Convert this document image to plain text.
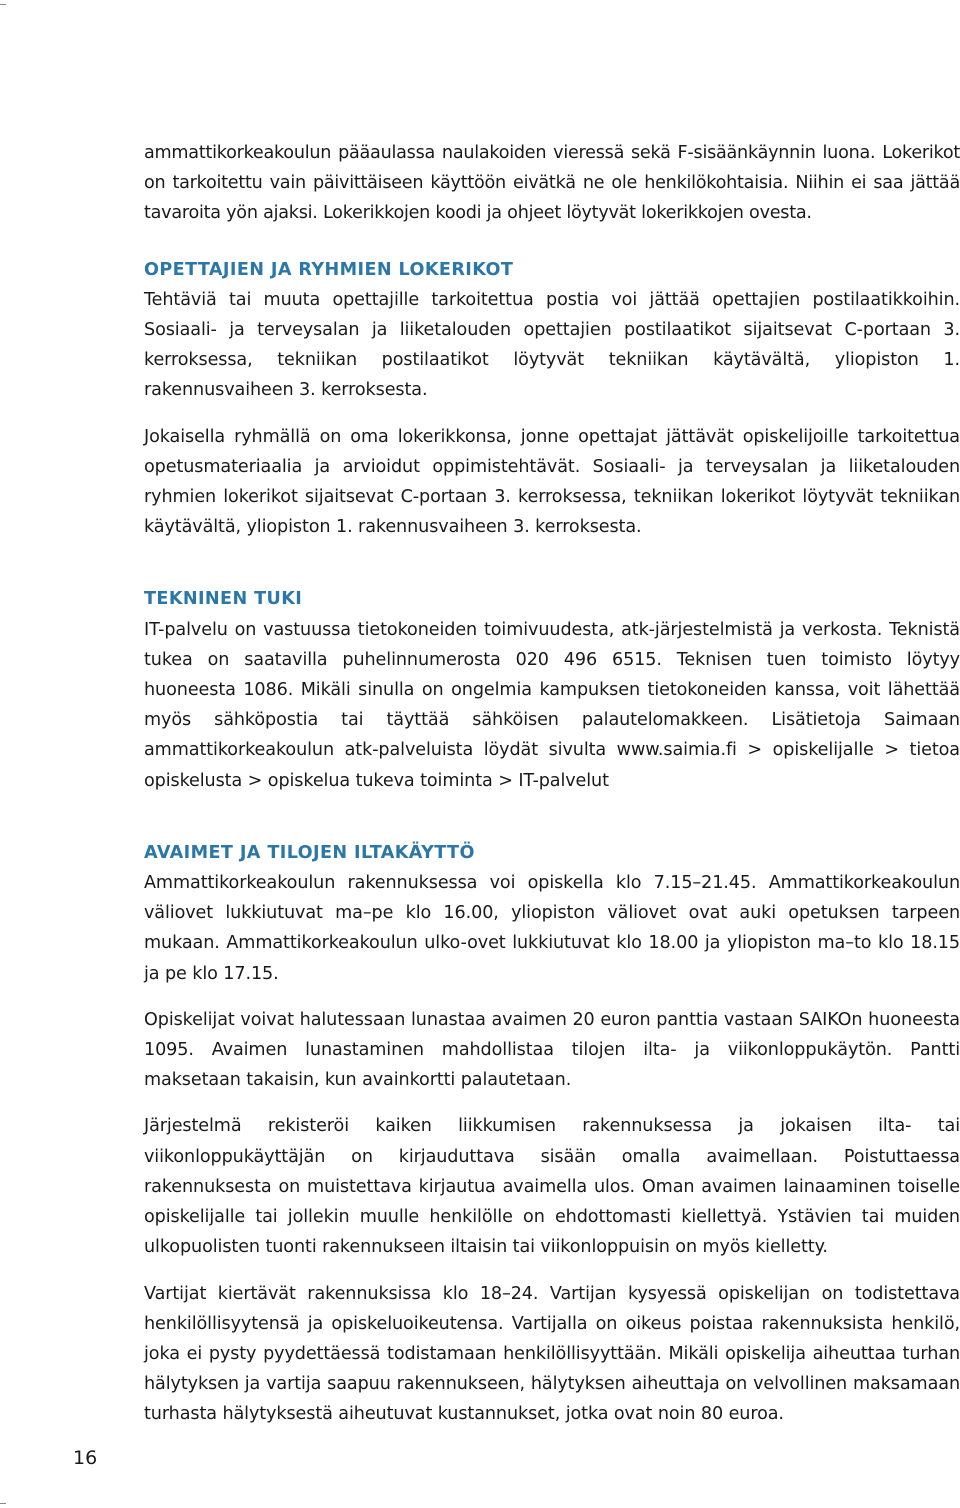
ammattikorkeakoulun pääaulassa naulakoiden vieressä sekä F-sisäänkäynnin luona. Lokerikot on tarkoitettu vain päivittäiseen käyttöön eivätkä ne ole henkilökohtaisia. Niihin ei saa jättää tavaroita yön ajaksi. Lokerikkojen koodi ja ohjeet löytyvät lokerikkojen ovesta.

OPETTAJIEN JA RYHMIEN LOKERIKOT

Tehtäviä tai muuta opettajille tarkoitettua postia voi jättää opettajien postilaatikkoihin. Sosiaali- ja terveysalan ja liiketalouden opettajien postilaatikot sijaitsevat C-portaan 3. kerroksessa, tekniikan postilaatikot löytyvät tekniikan käytävältä, yliopiston 1. rakennusvaiheen 3. kerroksesta.

Jokaisella ryhmällä on oma lokerikkonsa, jonne opettajat jättävät opiskelijoille tarkoitettua opetusmateriaalia ja arvioidut oppimistehtävät. Sosiaali- ja terveysalan ja liiketalouden ryhmien lokerikot sijaitsevat C-portaan 3. kerroksessa, tekniikan lokerikot löytyvät tekniikan käytävältä, yliopiston 1. rakennusvaiheen 3. kerroksesta.

TEKNINEN TUKI

IT-palvelu on vastuussa tietokoneiden toimivuudesta, atk-järjestelmistä ja verkosta. Teknistä tukea on saatavilla puhelinnumerosta 020 496 6515. Teknisen tuen toimisto löytyy huoneesta 1086. Mikäli sinulla on ongelmia kampuksen tietokoneiden kanssa, voit lähettää myös sähköpostia tai täyttää sähköisen palautelomakkeen. Lisätietoja Saimaan ammattikorkeakoulun atk-palveluista löydät sivulta www.saimia.fi > opiskelijalle > tietoa opiskelusta > opiskelua tukeva toiminta > IT-palvelut

AVAIMET JA TILOJEN ILTAKÄYTTÖ

Ammattikorkeakoulun rakennuksessa voi opiskella klo 7.15–21.45. Ammattikorkeakoulun väliovet lukkiutuvat ma–pe klo 16.00, yliopiston väliovet ovat auki opetuksen tarpeen mukaan. Ammattikorkeakoulun ulko-ovet lukkiutuvat klo 18.00 ja yliopiston ma–to klo 18.15 ja pe klo 17.15.

Opiskelijat voivat halutessaan lunastaa avaimen 20 euron panttia vastaan SAIKOn huoneesta 1095. Avaimen lunastaminen mahdollistaa tilojen ilta- ja viikonloppukäytön. Pantti maksetaan takaisin, kun avainkortti palautetaan.

Järjestelmä rekisteröi kaiken liikkumisen rakennuksessa ja jokaisen ilta- tai viikonloppukäyttäjän on kirjauduttava sisään omalla avaimellaan. Poistuttaessa rakennuksesta on muistettava kirjautua avaimella ulos. Oman avaimen lainaaminen toiselle opiskelijalle tai jollekin muulle henkilölle on ehdottomasti kiellettyä. Ystävien tai muiden ulkopuolisten tuonti rakennukseen iltaisin tai viikonloppuisin on myös kielletty.

Vartijat kiertävät rakennuksissa klo 18–24. Vartijan kysyessä opiskelijan on todistettava henkilöllisyytensä ja opiskeluoikeutensa. Vartijalla on oikeus poistaa rakennuksista henkilö, joka ei pysty pyydettäessä todistamaan henkilöllisyyttään. Mikäli opiskelija aiheuttaa turhan hälytyksen ja vartija saapuu rakennukseen, hälytyksen aiheuttaja on velvollinen maksamaan turhasta hälytyksestä aiheutuvat kustannukset, jotka ovat noin 80 euroa.

16
